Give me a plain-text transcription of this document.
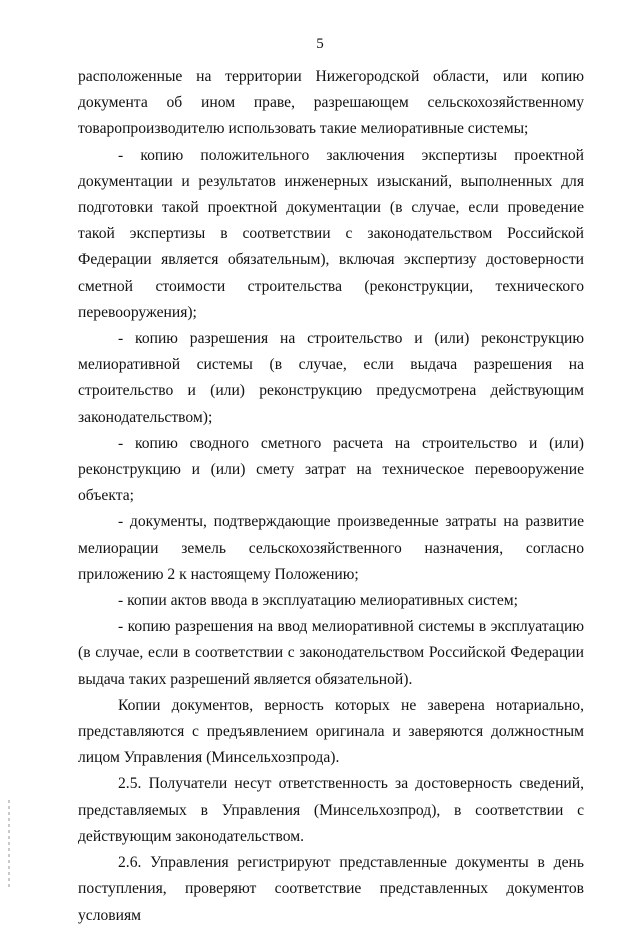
5

расположенные на территории Нижегородской области, или копию документа об ином праве, разрешающем сельскохозяйственному товаропроизводителю использовать такие мелиоративные системы;

- копию положительного заключения экспертизы проектной документации и результатов инженерных изысканий, выполненных для подготовки такой проектной документации (в случае, если проведение такой экспертизы в соответствии с законодательством Российской Федерации является обязательным), включая экспертизу достоверности сметной стоимости строительства (реконструкции, технического перевооружения);

- копию разрешения на строительство и (или) реконструкцию мелиоративной системы (в случае, если выдача разрешения на строительство и (или) реконструкцию предусмотрена действующим законодательством);

- копию сводного сметного расчета на строительство и (или) реконструкцию и (или) смету затрат на техническое перевооружение объекта;

- документы, подтверждающие произведенные затраты на развитие мелиорации земель сельскохозяйственного назначения, согласно приложению 2 к настоящему Положению;

- копии актов ввода в эксплуатацию мелиоративных систем;

- копию разрешения на ввод мелиоративной системы в эксплуатацию (в случае, если в соответствии с законодательством Российской Федерации выдача таких разрешений является обязательной).

Копии документов, верность которых не заверена нотариально, представляются с предъявлением оригинала и заверяются должностным лицом Управления (Минсельхозпрода).

2.5. Получатели несут ответственность за достоверность сведений, представляемых в Управления (Минсельхозпрод), в соответствии с действующим законодательством.

2.6. Управления регистрируют представленные документы в день поступления, проверяют соответствие представленных документов условиям
